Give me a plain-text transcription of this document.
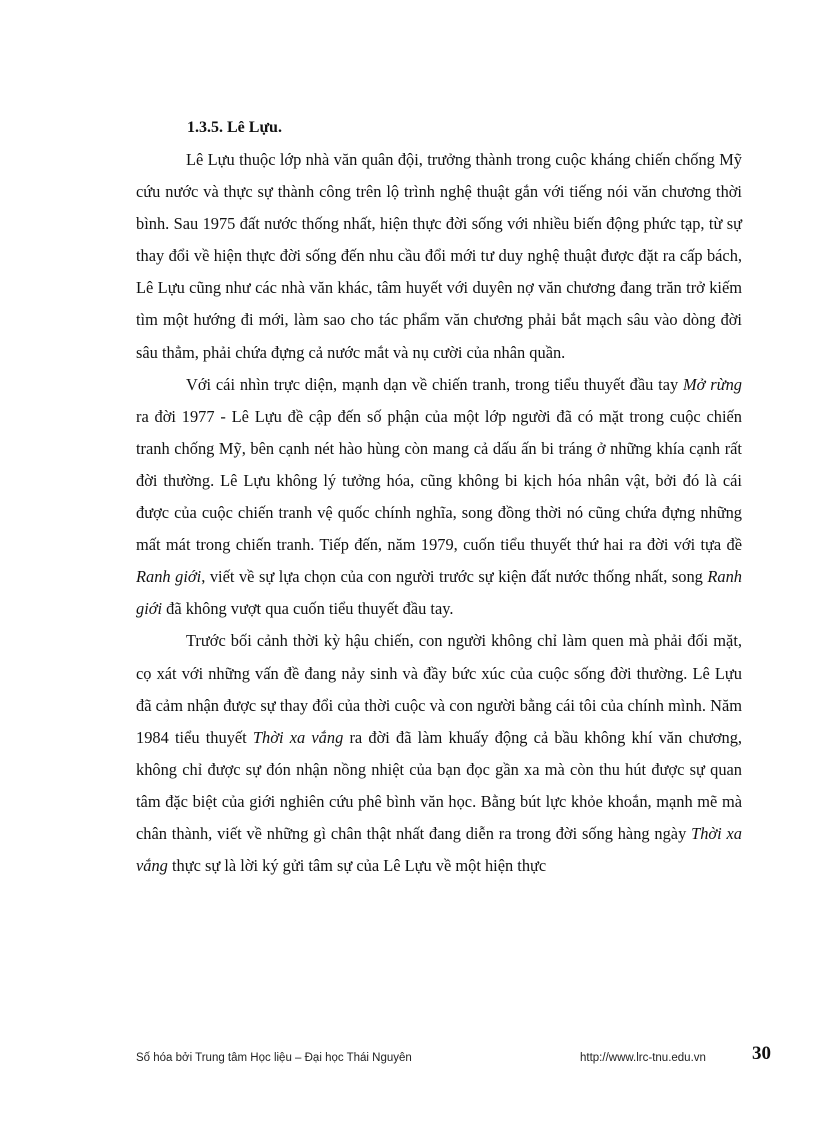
1.3.5. Lê Lựu.

Lê Lựu thuộc lớp nhà văn quân đội, trưởng thành trong cuộc kháng chiến chống Mỹ cứu nước và thực sự thành công trên lộ trình nghệ thuật gắn với tiếng nói văn chương thời bình. Sau 1975 đất nước thống nhất, hiện thực đời sống với nhiều biến động phức tạp, từ sự thay đổi về hiện thực đời sống đến nhu cầu đổi mới tư duy nghệ thuật được đặt ra cấp bách, Lê Lựu cũng như các nhà văn khác, tâm huyết với duyên nợ văn chương đang trăn trở kiếm tìm một hướng đi mới, làm sao cho tác phẩm văn chương phải bắt mạch sâu vào dòng đời sâu thẳm, phải chứa đựng cả nước mắt và nụ cười của nhân quần.

Với cái nhìn trực diện, mạnh dạn về chiến tranh, trong tiểu thuyết đầu tay Mở rừng ra đời 1977 - Lê Lựu đề cập đến số phận của một lớp người đã có mặt trong cuộc chiến tranh chống Mỹ, bên cạnh nét hào hùng còn mang cả dấu ấn bi tráng ở những khía cạnh rất đời thường. Lê Lựu không lý tưởng hóa, cũng không bi kịch hóa nhân vật, bởi đó là cái được của cuộc chiến tranh vệ quốc chính nghĩa, song đồng thời nó cũng chứa đựng những mất mát trong chiến tranh. Tiếp đến, năm 1979, cuốn tiểu thuyết thứ hai ra đời với tựa đề Ranh giới, viết về sự lựa chọn của con người trước sự kiện đất nước thống nhất, song Ranh giới đã không vượt qua cuốn tiểu thuyết đầu tay.

Trước bối cảnh thời kỳ hậu chiến, con người không chỉ làm quen mà phải đối mặt, cọ xát với những vấn đề đang nảy sinh và đầy bức xúc của cuộc sống đời thường. Lê Lựu đã cảm nhận được sự thay đổi của thời cuộc và con người bằng cái tôi của chính mình. Năm 1984 tiểu thuyết Thời xa vắng ra đời đã làm khuấy động cả bầu không khí văn chương, không chỉ được sự đón nhận nồng nhiệt của bạn đọc gần xa mà còn thu hút được sự quan tâm đặc biệt của giới nghiên cứu phê bình văn học. Bằng bút lực khỏe khoắn, mạnh mẽ mà chân thành, viết về những gì chân thật nhất đang diễn ra trong đời sống hàng ngày Thời xa vắng thực sự là lời ký gửi tâm sự của Lê Lựu về một hiện thực

Số hóa bởi Trung tâm Học liệu – Đại học Thái Nguyên	http://www.lrc-tnu.edu.vn 30
